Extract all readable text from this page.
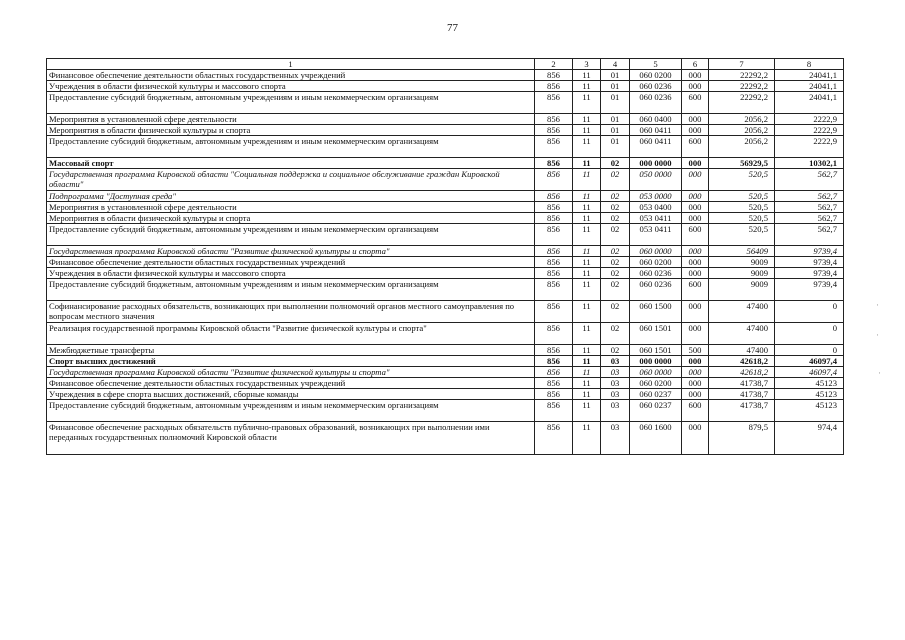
77
1	2	3	4	5	6	7	8
Финансовое обеспечение деятельности областных государственных учреждений	856	11	01	060 0200	000	22292,2	24041,1
Учреждения в области физической культуры и массового спорта	856	11	01	060 0236	000	22292,2	24041,1
Предоставление субсидий бюджетным, автономным учреждениям и иным некоммерческим организациям	856	11	01	060 0236	600	22292,2	24041,1
Мероприятия в установленной сфере деятельности	856	11	01	060 0400	000	2056,2	2222,9
Мероприятия в области физической культуры и спорта	856	11	01	060 0411	000	2056,2	2222,9
Предоставление субсидий бюджетным, автономным учреждениям и иным некоммерческим организациям	856	11	01	060 0411	600	2056,2	2222,9
Массовый спорт	856	11	02	000 0000	000	56929,5	10302,1
Государственная программа Кировской области "Социальная поддержка и социальное обслуживание граждан Кировской области"	856	11	02	050 0000	000	520,5	562,7
Подпрограмма "Доступная среда"	856	11	02	053 0000	000	520,5	562,7
Мероприятия в установленной сфере деятельности	856	11	02	053 0400	000	520,5	562,7
Мероприятия в области физической культуры и спорта	856	11	02	053 0411	000	520,5	562,7
Предоставление субсидий бюджетным, автономным учреждениям и иным некоммерческим организациям	856	11	02	053 0411	600	520,5	562,7
Государственная программа Кировской области "Развитие физической культуры и спорта"	856	11	02	060 0000	000	56409	9739,4
Финансовое обеспечение деятельности областных государственных учреждений	856	11	02	060 0200	000	9009	9739,4
Учреждения в области физической культуры и массового спорта	856	11	02	060 0236	000	9009	9739,4
Предоставление субсидий бюджетным, автономным учреждениям и иным некоммерческим организациям	856	11	02	060 0236	600	9009	9739,4
Софинансирование расходных обязательств, возникающих при выполнении полномочий органов местного самоуправления по вопросам местного значения	856	11	02	060 1500	000	47400	0
Реализация государственной программы Кировской области "Развитие физической культуры и спорта"	856	11	02	060 1501	000	47400	0
Межбюджетные трансферты	856	11	02	060 1501	500	47400	0
Спорт высших достижений	856	11	03	000 0000	000	42618,2	46097,4
Государственная программа Кировской области "Развитие физической культуры и спорта"	856	11	03	060 0000	000	42618,2	46097,4
Финансовое обеспечение деятельности областных государственных учреждений	856	11	03	060 0200	000	41738,7	45123
Учреждения в сфере спорта высших достижений, сборные команды	856	11	03	060 0237	000	41738,7	45123
Предоставление субсидий бюджетным, автономным учреждениям и иным некоммерческим организациям	856	11	03	060 0237	600	41738,7	45123
Финансовое обеспечение расходных обязательств публично-правовых образований, возникающих при выполнении ими переданных государственных полномочий Кировской области	856	11	03	060 1600	000	879,5	974,4
·
·
·
